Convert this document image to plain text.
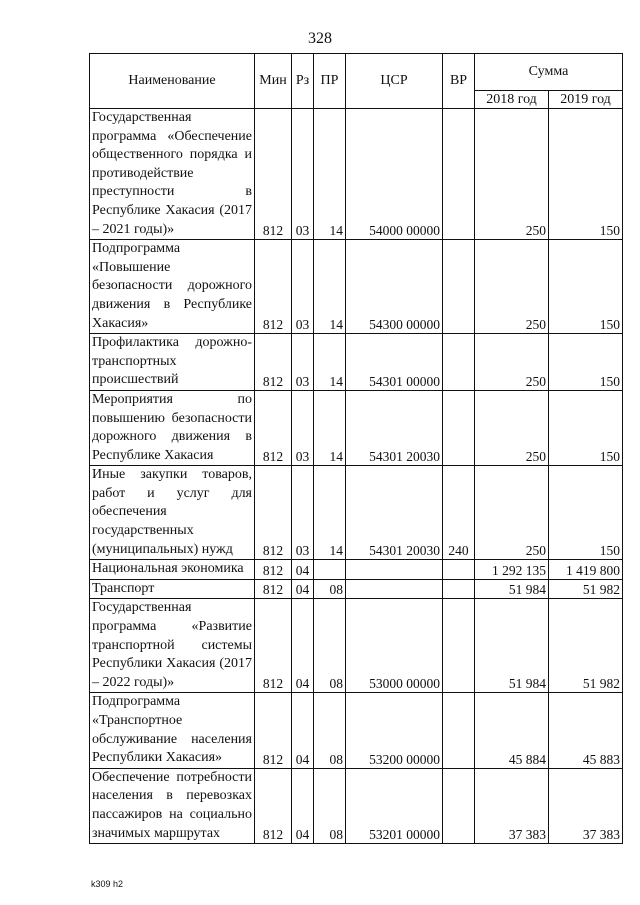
328
Наименование	Мин	Рз	ПР	ЦСР	ВР	Сумма	
						2018 год	2019 год
Государственная программа «Обеспечение общественного порядка и противодействие преступности в Республике Хакасия (2017 – 2021 годы)»	812	03	14	54000 00000		250	150
Подпрограмма «Повышение безопасности дорожного движения в Республике Хакасия»	812	03	14	54300 00000		250	150
Профилактика дорожно-транспортных происшествий	812	03	14	54301 00000		250	150
Мероприятия по повышению безопасности дорожного движения в Республике Хакасия	812	03	14	54301 20030		250	150
Иные закупки товаров, работ и услуг для обеспечения государственных (муниципальных) нужд	812	03	14	54301 20030	240	250	150
Национальная экономика	812	04				1 292 135	1 419 800
Транспорт	812	04	08			51 984	51 982
Государственная программа «Развитие транспортной системы Республики Хакасия (2017 – 2022 годы)»	812	04	08	53000 00000		51 984	51 982
Подпрограмма «Транспортное обслуживание населения Республики Хакасия»	812	04	08	53200 00000		45 884	45 883
Обеспечение потребности населения в перевозках пассажиров на социально значимых маршрутах	812	04	08	53201 00000		37 383	37 383
k309 h2
